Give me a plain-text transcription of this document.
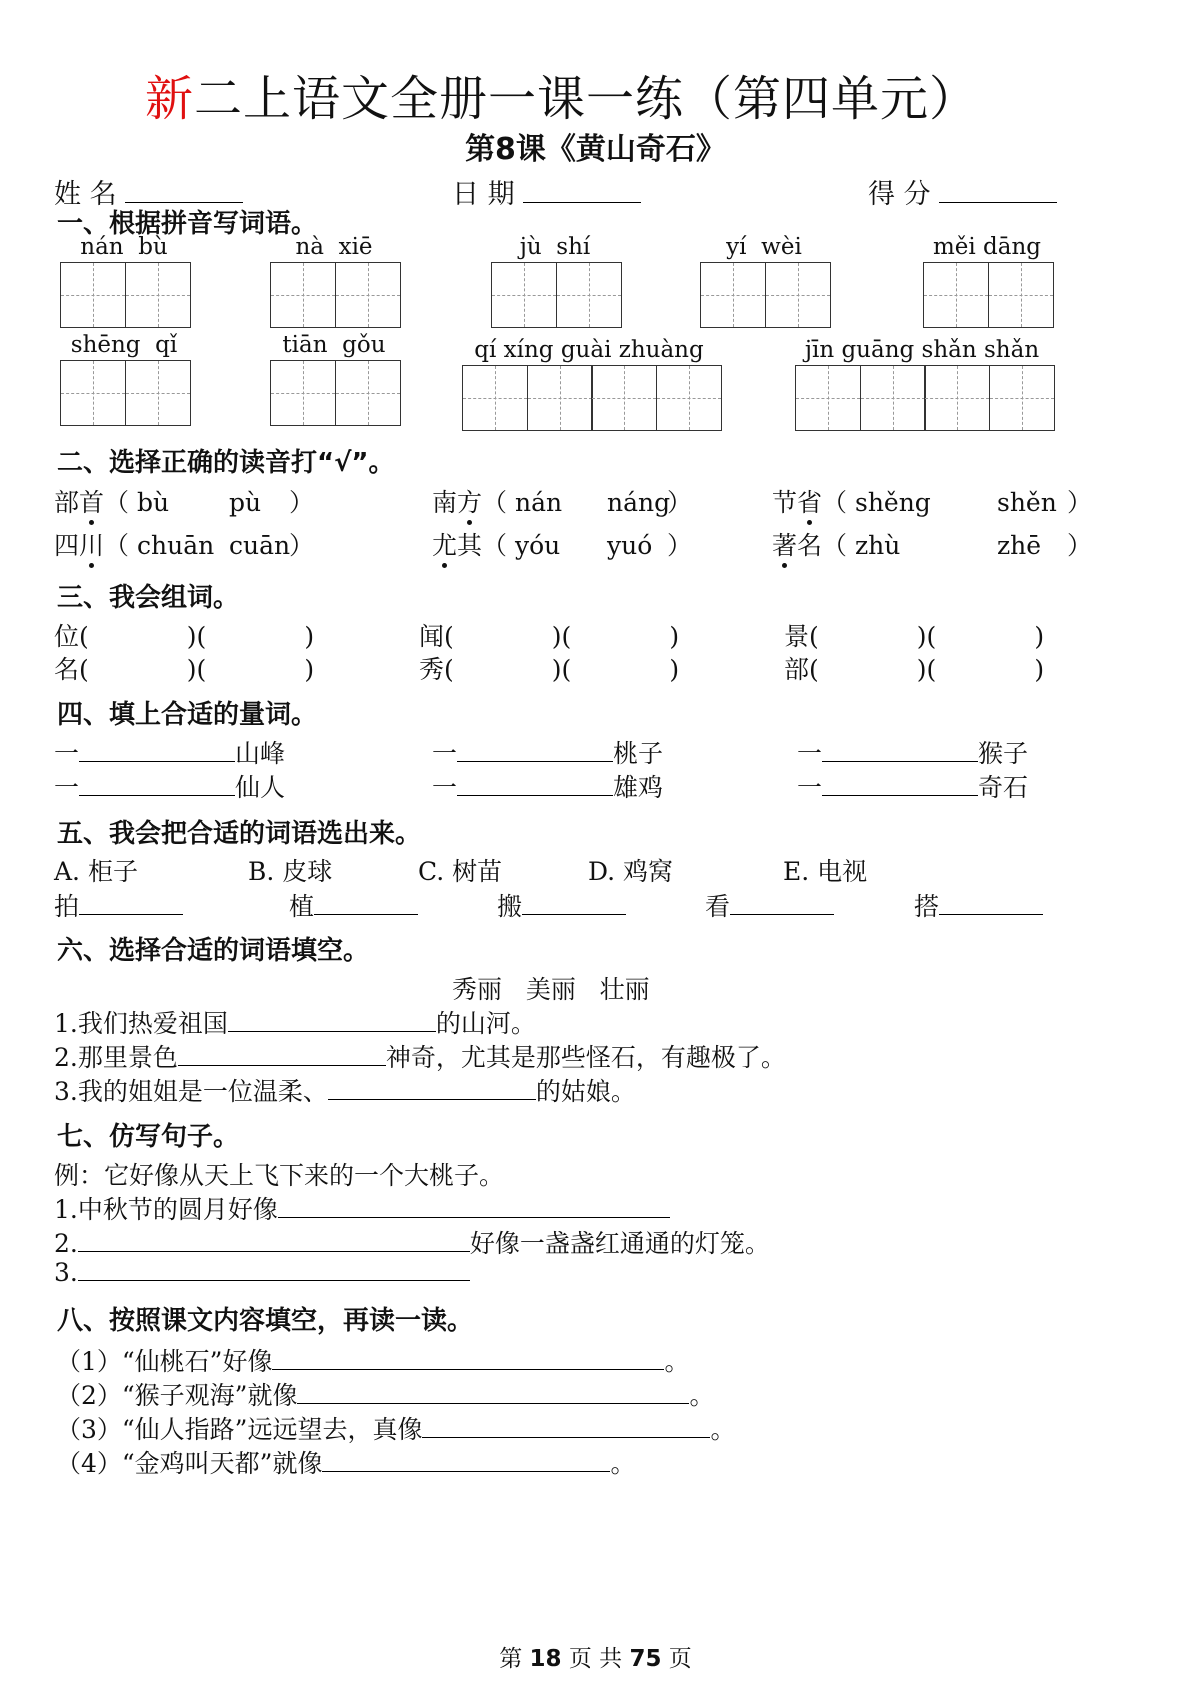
新二上语文全册一课一练（第四单元）
第8课《黄山奇石》
姓 名	日 期	得 分
一、根据拼音写词语。
nán  bù	nà  xiē	jù  shí	yí  wèi	měi dāng
shēng  qǐ	tiān  gǒu	qí xíng guài zhuàng	jīn guāng shǎn shǎn
二、选择正确的读音打“√”。
部首（ bù pù ）	南方（ nán náng）	节省（ shěng	shěn ）
四川（ chuān cuān）	尤其（ yóu yuó ）	著名（ zhù	zhē ）
三、我会组词。
位(	)(	)	闻(	)(	)	景(	)(	)
名(	)(	)	秀(	)(	)	部(	)(	)
四、填上合适的量词。
一	山峰	一	桃子	一	猴子
一	仙人	一	雄鸡	一	奇石
五、我会把合适的词语选出来。
A. 柜子	B. 皮球	C. 树苗	D. 鸡窝	E. 电视
拍	植	搬	看	搭
六、选择合适的词语填空。
秀丽   美丽   壮丽
1.我们热爱祖国	的山河。
2.那里景色	神奇，尤其是那些怪石，有趣极了。
3.我的姐姐是一位温柔、	的姑娘。
七、仿写句子。
例：它好像从天上飞下来的一个大桃子。
1.中秋节的圆月好像
2.	好像一盏盏红通通的灯笼。
3.
八、按照课文内容填空，再读一读。
（1）“仙桃石”好像	。
（2）“猴子观海”就像	。
（3）“仙人指路”远远望去，真像	。
（4）“金鸡叫天都”就像	。
第 18 页 共 75 页
